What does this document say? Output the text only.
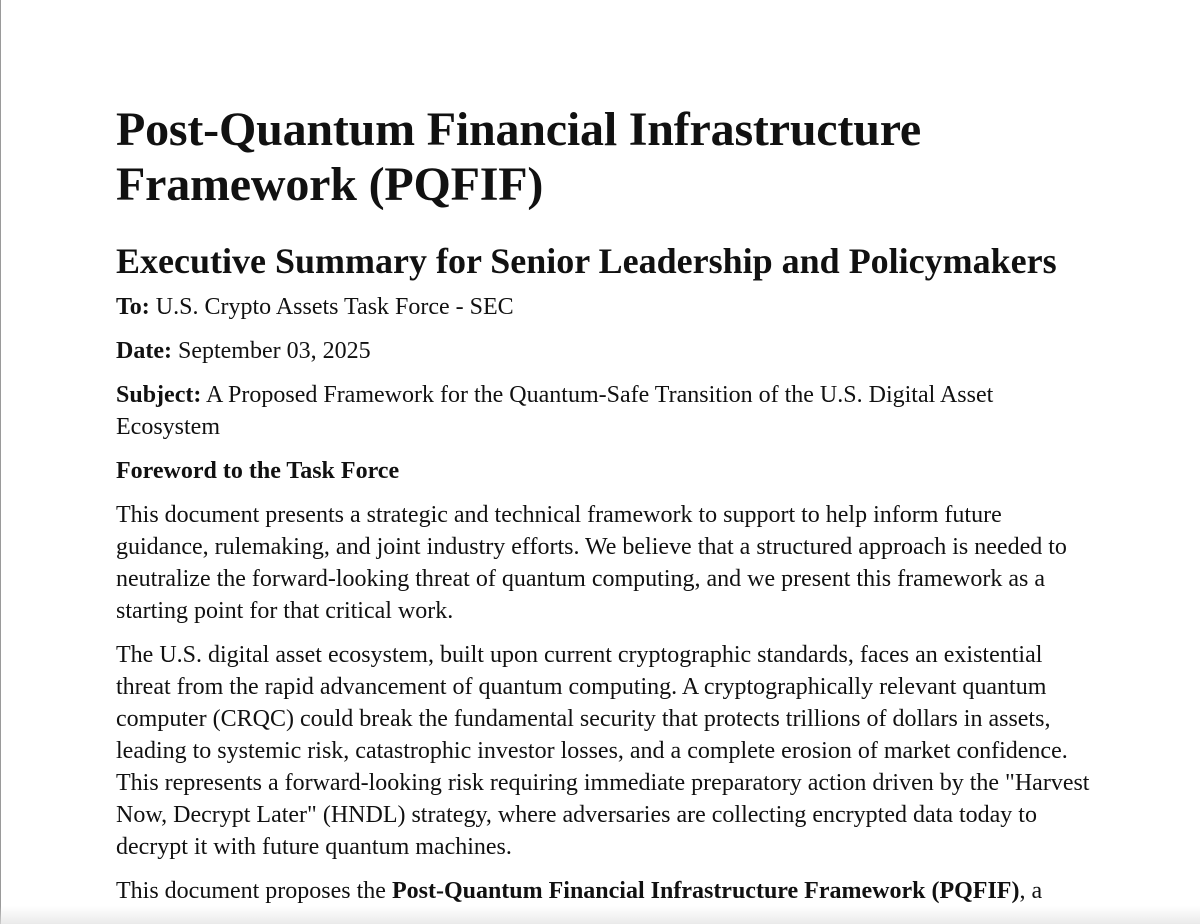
Post-Quantum Financial Infrastructure Framework (PQFIF)
Executive Summary for Senior Leadership and Policymakers

To: U.S. Crypto Assets Task Force - SEC

Date: September 03, 2025

Subject: A Proposed Framework for the Quantum-Safe Transition of the U.S. Digital Asset Ecosystem

Foreword to the Task Force

This document presents a strategic and technical framework to support to help inform future guidance, rulemaking, and joint industry efforts. We believe that a structured approach is needed to neutralize the forward-looking threat of quantum computing, and we present this framework as a starting point for that critical work.

The U.S. digital asset ecosystem, built upon current cryptographic standards, faces an existential threat from the rapid advancement of quantum computing. A cryptographically relevant quantum computer (CRQC) could break the fundamental security that protects trillions of dollars in assets, leading to systemic risk, catastrophic investor losses, and a complete erosion of market confidence. This represents a forward-looking risk requiring immediate preparatory action driven by the "Harvest Now, Decrypt Later" (HNDL) strategy, where adversaries are collecting encrypted data today to decrypt it with future quantum machines.

This document proposes the Post-Quantum Financial Infrastructure Framework (PQFIF), a
